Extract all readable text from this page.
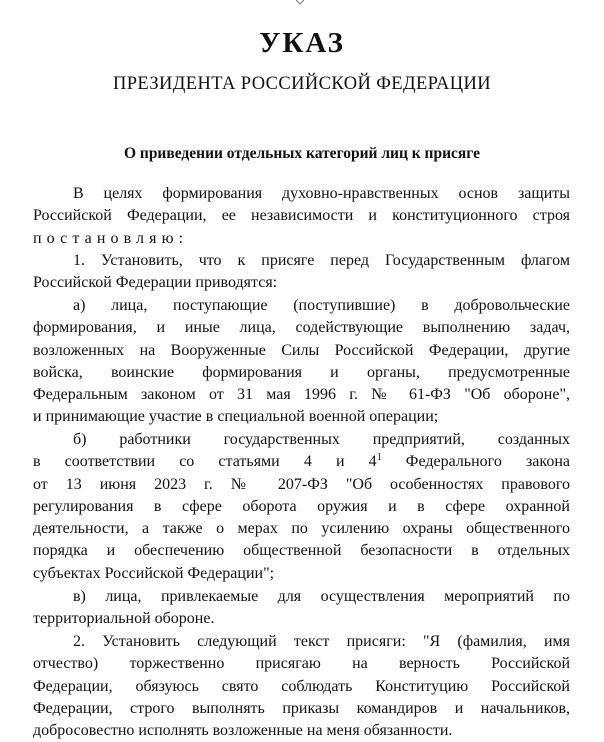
УКАЗ
ПРЕЗИДЕНТА РОССИЙСКОЙ ФЕДЕРАЦИИ
О приведении отдельных категорий лиц к присяге
В целях формирования духовно-нравственных основ защиты
Российской Федерации, ее независимости и конституционного строя
постановляю:
1. Установить, что к присяге перед Государственным флагом
Российской Федерации приводятся:
а) лица, поступающие (поступившие) в добровольческие
формирования, и иные лица, содействующие выполнению задач,
возложенных на Вооруженные Силы Российской Федерации, другие
войска, воинские формирования и органы, предусмотренные
Федеральным законом от 31 мая 1996 г. № 61-ФЗ "Об обороне",
и принимающие участие в специальной военной операции;
б) работники государственных предприятий, созданных
в соответствии со статьями 4 и $4^1$ Федерального закона
от 13 июня 2023 г. № 207-ФЗ "Об особенностях правового
регулирования в сфере оборота оружия и в сфере охранной
деятельности, а также о мерах по усилению охраны общественного
порядка и обеспечению общественной безопасности в отдельных
субъектах Российской Федерации";
в) лица, привлекаемые для осуществления мероприятий по
территориальной обороне.
2. Установить следующий текст присяги: "Я (фамилия, имя
отчество) торжественно присягаю на верность Российской
Федерации, обязуюсь свято соблюдать Конституцию Российской
Федерации, строго выполнять приказы командиров и начальников,
добросовестно исполнять возложенные на меня обязанности.
